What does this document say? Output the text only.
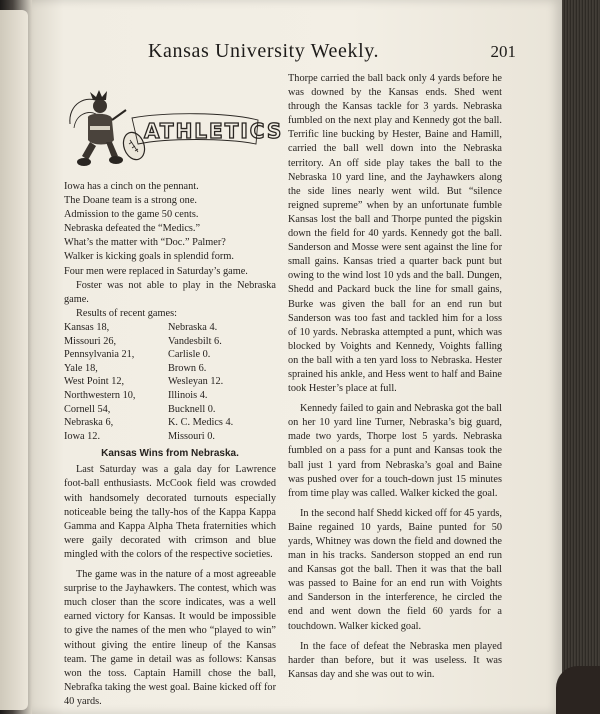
Kansas University Weekly.	201
ATHLETICS

Iowa has a cinch on the pennant.

The Doane team is a strong one.

Admission to the game 50 cents.

Nebraska defeated the “Medics.”

What’s the matter with “Doc.” Palmer?

Walker is kicking goals in splendid form.

Four men were replaced in Saturday’s game.

Foster was not able to play in the Nebraska game.

Results of recent games:

Kansas 18,	Nebraska 4.
Missouri 26,	Vandesbilt 6.
Pennsylvania 21,	Carlisle 0.
Yale 18,	Brown 6.
West Point 12,	Wesleyan 12.
Northwestern 10,	Illinois 4.
Cornell 54,	Bucknell 0.
Nebraska 6,	K. C. Medics 4.
Iowa 12.	Missouri 0.

Kansas Wins from Nebraska.

Last Saturday was a gala day for Lawrence foot-ball enthusiasts. McCook field was crowded with handsomely decorated turnouts especially noticeable being the tally-hos of the Kappa Kappa Gamma and Kappa Alpha Theta fraternities which were gaily decorated with crimson and blue mingled with the colors of the respective societies.

The game was in the nature of a most agreeable surprise to the Jayhawkers. The contest, which was much closer than the score indicates, was a well earned victory for Kansas. It would be impossible to give the names of the men who “played to win” without giving the entire lineup of the Kansas team. The game in detail was as follows: Kansas won the toss. Captain Hamill chose the ball, Nebrafka taking the west goal. Baine kicked off for 40 yards.

Thorpe carried the ball back only 4 yards before he was downed by the Kansas ends. Shed went through the Kansas tackle for 3 yards. Nebraska fumbled on the next play and Kennedy got the ball. Terrific line bucking by Hester, Baine and Hamill, carried the ball well down into the Nebraska territory. An off side play takes the ball to the Nebraska 10 yard line, and the Jayhawkers along the side lines nearly went wild. But “silence reigned supreme” when by an unfortunate fumble Kansas lost the ball and Thorpe punted the pigskin down the field for 40 yards. Kennedy got the ball. Sanderson and Mosse were sent against the line for small gains. Kansas tried a quarter back punt but owing to the wind lost 10 yds and the ball. Dungen, Shedd and Packard buck the line for small gains, Burke was given the ball for an end run but Sanderson was too fast and tackled him for a loss of 10 yards. Nebraska attempted a punt, which was blocked by Voights and Kennedy, Voights falling on the ball with a ten yard loss to Nebraska. Hester sprained his ankle, and Hess went to half and Baine took Hester’s place at full.

Kennedy failed to gain and Nebraska got the ball on her 10 yard line Turner, Nebraska’s big guard, made two yards, Thorpe lost 5 yards. Nebraska fumbled on a pass for a punt and Kansas took the ball just 1 yard from Nebraska’s goal and Baine was pushed over for a touch-down just 15 minutes from time play was called. Walker kicked the goal.

In the second half Shedd kicked off for 45 yards, Baine regained 10 yards, Baine punted for 50 yards, Whitney was down the field and downed the man in his tracks. Sanderson stopped an end run and Kansas got the ball. Then it was that the ball was passed to Baine for an end run with Voights and Sanderson in the interference, he circled the end and went down the field 60 yards for a touchdown. Walker kicked goal.

In the face of defeat the Nebraska men played harder than before, but it was useless. It was Kansas day and she was out to win.
